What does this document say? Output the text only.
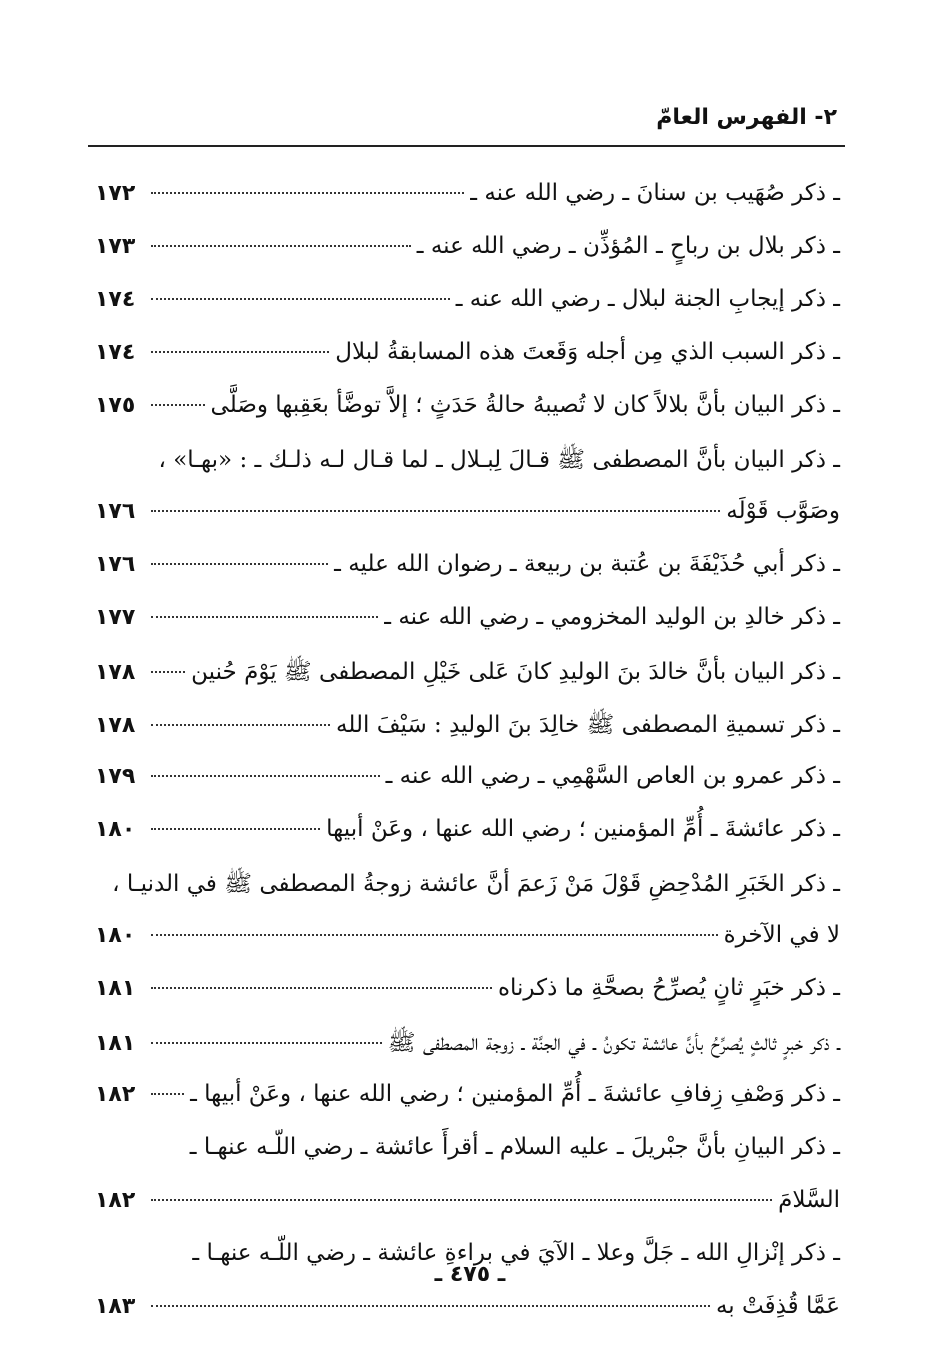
٢- الفهرس العامّ
ـ ذكر صُهَيب بن سنانَ ـ رضي الله عنه ـ
١٧٢
ـ ذكر بلال بن رباحٍ ـ المُؤذِّن ـ رضي الله عنه ـ
١٧٣
ـ ذكر إيجابِ الجنة لبلال ـ رضي الله عنه ـ
١٧٤
ـ ذكر السبب الذي مِن أجله وَقَعتَ هذه المسابقةُ لبلال
١٧٤
ـ ذكر البيان بأنَّ بلالاً كان لا تُصيبهُ حالةُ حَدَثٍ ؛ إلاَّ توضَّأ بعَقِبها وصَلَّى
١٧٥
ـ ذكر البيان بأنَّ المصطفى ﷺ قـالَ لِبـلال ـ لما قـال لـه ذلـك ـ : «بهـا» ،
وصَوَّب قَوْلَه
١٧٦
ـ ذكر أبي حُذَيْفَةَ بن عُتبة بن ربيعة ـ رضوان الله عليه ـ
١٧٦
ـ ذكر خالدِ بن الوليد المخزومي ـ رضي الله عنه ـ
١٧٧
ـ ذكر البيان بأنَّ خالدَ بنَ الوليدِ كانَ عَلى خَيْلِ المصطفى ﷺ يَوْمَ حُنين
١٧٨
ـ ذكر تسميةِ المصطفى ﷺ خالِدَ بنَ الوليدِ : سَيْفَ الله
١٧٨
ـ ذكر عمرو بن العاص السَّهْمِي ـ رضي الله عنه ـ
١٧٩
ـ ذكر عائشةَ ـ أُمِّ المؤمنين ؛ رضي الله عنها ، وعَنْ أبيها
١٨٠
ـ ذكر الخَبَرِ المُدْحِضِ قَوْلَ مَنْ زَعمَ أنَّ عائشة زوجةُ المصطفى ﷺ في الدنيـا ،
لا في الآخرة
١٨٠
ـ ذكر خبَرٍ ثانٍ يُصرِّحُ بصحَّةِ ما ذكرناه
١٨١
ـ ذكر خبرٍ ثالثٍ يُصرِّحُ بأنَّ عائشة تكونُ ـ في الجنَّة ـ زوجة المصطفى ﷺ
١٨١
ـ ذكر وَصْفِ زِفافِ عائشةَ ـ أُمِّ المؤمنين ؛ رضي الله عنها ، وعَنْ أبيها ـ
١٨٢
ـ ذكر البيانِ بأنَّ جبْريلَ ـ عليه السلام ـ أقرأَ عائشة ـ رضي اللّـه عنهـا ـ
السَّلامَ
١٨٢
ـ ذكر إنْزالِ الله ـ جَلَّ وعلا ـ الآيَ في براءةِ عائشة ـ رضي اللّـه عنهـا ـ
عَمَّا قُذِفَتْ به
١٨٣
ـ ٤٧٥ ـ
